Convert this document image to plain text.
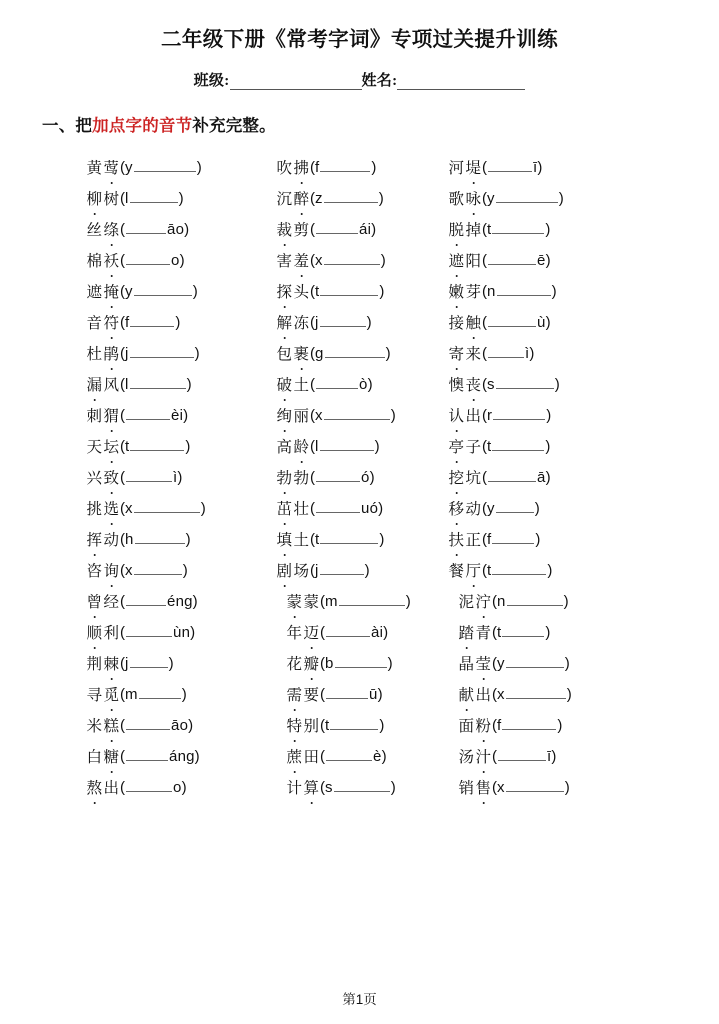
二年级下册《常考字词》专项过关提升训练
班级:	姓名:
一、把加点字的音节补充完整。
黄 莺 ( y	)	吹 拂 ( f	)	河 堤 (	ī )
柳 树 ( l	)	沉 醉 ( z	)	歌 咏 ( y	)
丝 绦 (	āo )	裁 剪 (	ái )	脱 掉 ( t	)
棉 袄 (	o )	害 羞 ( x	)	遮 阳 (	ē )
遮 掩 ( y	)	探 头 ( t	)	嫩 芽 ( n	)
音 符 ( f	)	解 冻 ( j	)	接 触 (	ù )
杜 鹃 ( j	)	包 裹 ( g	)	寄 来 (	ì )
漏 风 ( l	)	破 土 (	ò )	懊 丧 ( s	)
刺 猬 (	èi )	绚 丽 ( x	)	认 出 ( r	)
天 坛 ( t	)	高 龄 ( l	)	亭 子 ( t	)
兴 致 (	ì )	勃 勃 (	ó )	挖 坑 (	ā )
挑 选 ( x	)	茁 壮 (	uó )	移 动 ( y	)
挥 动 ( h	)	填 土 ( t	)	扶 正 ( f	)
咨 询 ( x	)	剧 场 ( j	)	餐 厅 ( t	)
曾 经 (	éng )	蒙 蒙 ( m	)	泥 泞 ( n	)
顺 利 (	ùn )	年 迈 (	ài )	踏 青 ( t	)
荆 棘 ( j	)	花 瓣 ( b	)	晶 莹 ( y	)
寻 觅 ( m	)	需 要 (	ū )	献 出 ( x	)
米 糕 (	āo )	特 别 ( t	)	面 粉 ( f	)
白 糖 (	áng )	蔗 田 (	è )	汤 汁 (	ī )
熬 出 (	o )	计 算 ( s	)	销 售 ( x	)
第1页
